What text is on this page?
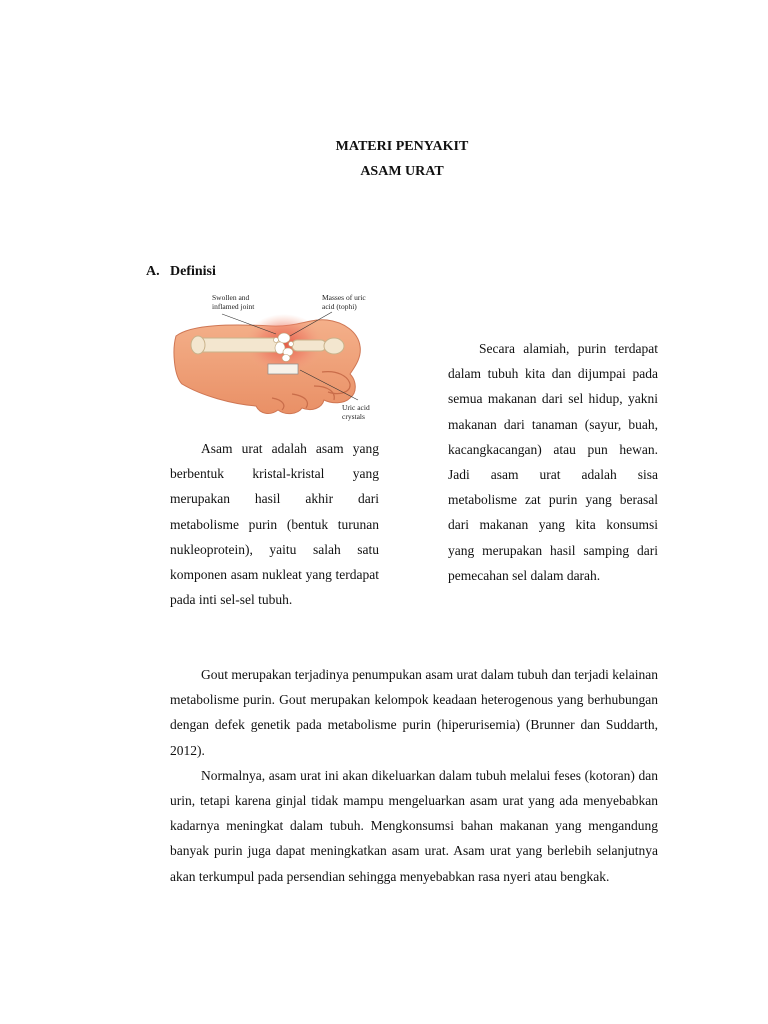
MATERI PENYAKIT
ASAM URAT
A. Definisi
Swollen and
inflamed joint
Masses of uric
acid (tophi)
Uric acid
crystals
Asam urat adalah asam yang berbentuk kristal-kristal yang merupakan hasil akhir dari metabolisme purin (bentuk turunan nukleoprotein), yaitu salah satu komponen asam nukleat yang terdapat pada inti sel-sel tubuh.
Secara alamiah, purin terdapat dalam tubuh kita dan dijumpai pada semua makanan dari sel hidup, yakni makanan dari tanaman (sayur, buah, kacangkacangan) atau pun hewan. Jadi asam urat adalah sisa metabolisme zat purin yang berasal dari makanan yang kita konsumsi yang merupakan hasil samping dari pemecahan sel dalam darah.

Gout merupakan terjadinya penumpukan asam urat dalam tubuh dan terjadi kelainan metabolisme purin. Gout merupakan kelompok keadaan heterogenous yang berhubungan dengan defek genetik pada metabolisme purin (hiperurisemia) (Brunner dan Suddarth, 2012).

Normalnya, asam urat ini akan dikeluarkan dalam tubuh melalui feses (kotoran) dan urin, tetapi karena ginjal tidak mampu mengeluarkan asam urat yang ada menyebabkan kadarnya meningkat dalam tubuh. Mengkonsumsi bahan makanan yang mengandung banyak purin juga dapat meningkatkan asam urat. Asam urat yang berlebih selanjutnya akan terkumpul pada persendian sehingga menyebabkan rasa nyeri atau bengkak.
